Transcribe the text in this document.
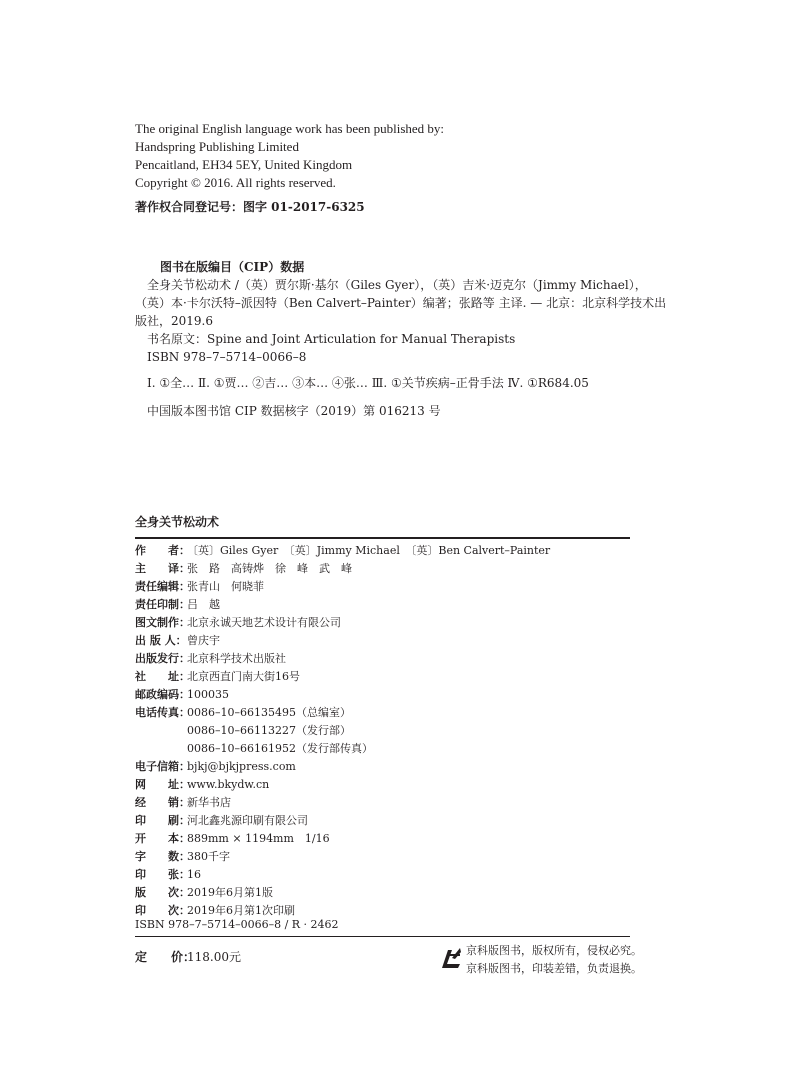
The original English language work has been published by:
Handspring Publishing Limited
Pencaitland, EH34 5EY, United Kingdom
Copyright © 2016. All rights reserved.
著作权合同登记号：图字 01-2017-6325
图书在版编目（CIP）数据
全身关节松动术 /（英）贾尔斯·基尔（Giles Gyer），（英）吉米·迈克尔（Jimmy Michael），
（英）本·卡尔沃特–派因特（Ben Calvert–Painter）编著；张路等 主译. — 北京：北京科学技术出
版社，2019.6
书名原文：Spine and Joint Articulation for Manual Therapists
ISBN 978–7–5714–0066–8
Ⅰ. ①全… Ⅱ. ①贾… ②吉… ③本… ④张… Ⅲ. ①关节疾病–正骨手法 Ⅳ. ①R684.05
中国版本图书馆 CIP 数据核字（2019）第 016213 号
全身关节松动术
作　　者：〔英〕Giles Gyer　〔英〕Jimmy Michael　〔英〕Ben Calvert–Painter
主　　译：张　路　高铸烨　徐　峰　武　峰
责任编辑：张青山　何晓菲
责任印制：吕　越
图文制作：北京永诚天地艺术设计有限公司
出 版 人：曾庆宇
出版发行：北京科学技术出版社
社　　址：北京西直门南大街16号
邮政编码：100035
电话传真：0086–10–66135495（总编室）
0086–10–66113227（发行部）
0086–10–66161952（发行部传真）
电子信箱：bjkj@bjkjpress.com
网　　址：www.bkydw.cn
经　　销：新华书店
印　　刷：河北鑫兆源印刷有限公司
开　　本：889mm × 1194mm　1/16
字　　数：380千字
印　　张：16
版　　次：2019年6月第1版
印　　次：2019年6月第1次印刷
ISBN 978–7–5714–0066–8 / R · 2462
定　　价：118.00元	京科版图书，版权所有，侵权必究。
京科版图书，印装差错，负责退换。
